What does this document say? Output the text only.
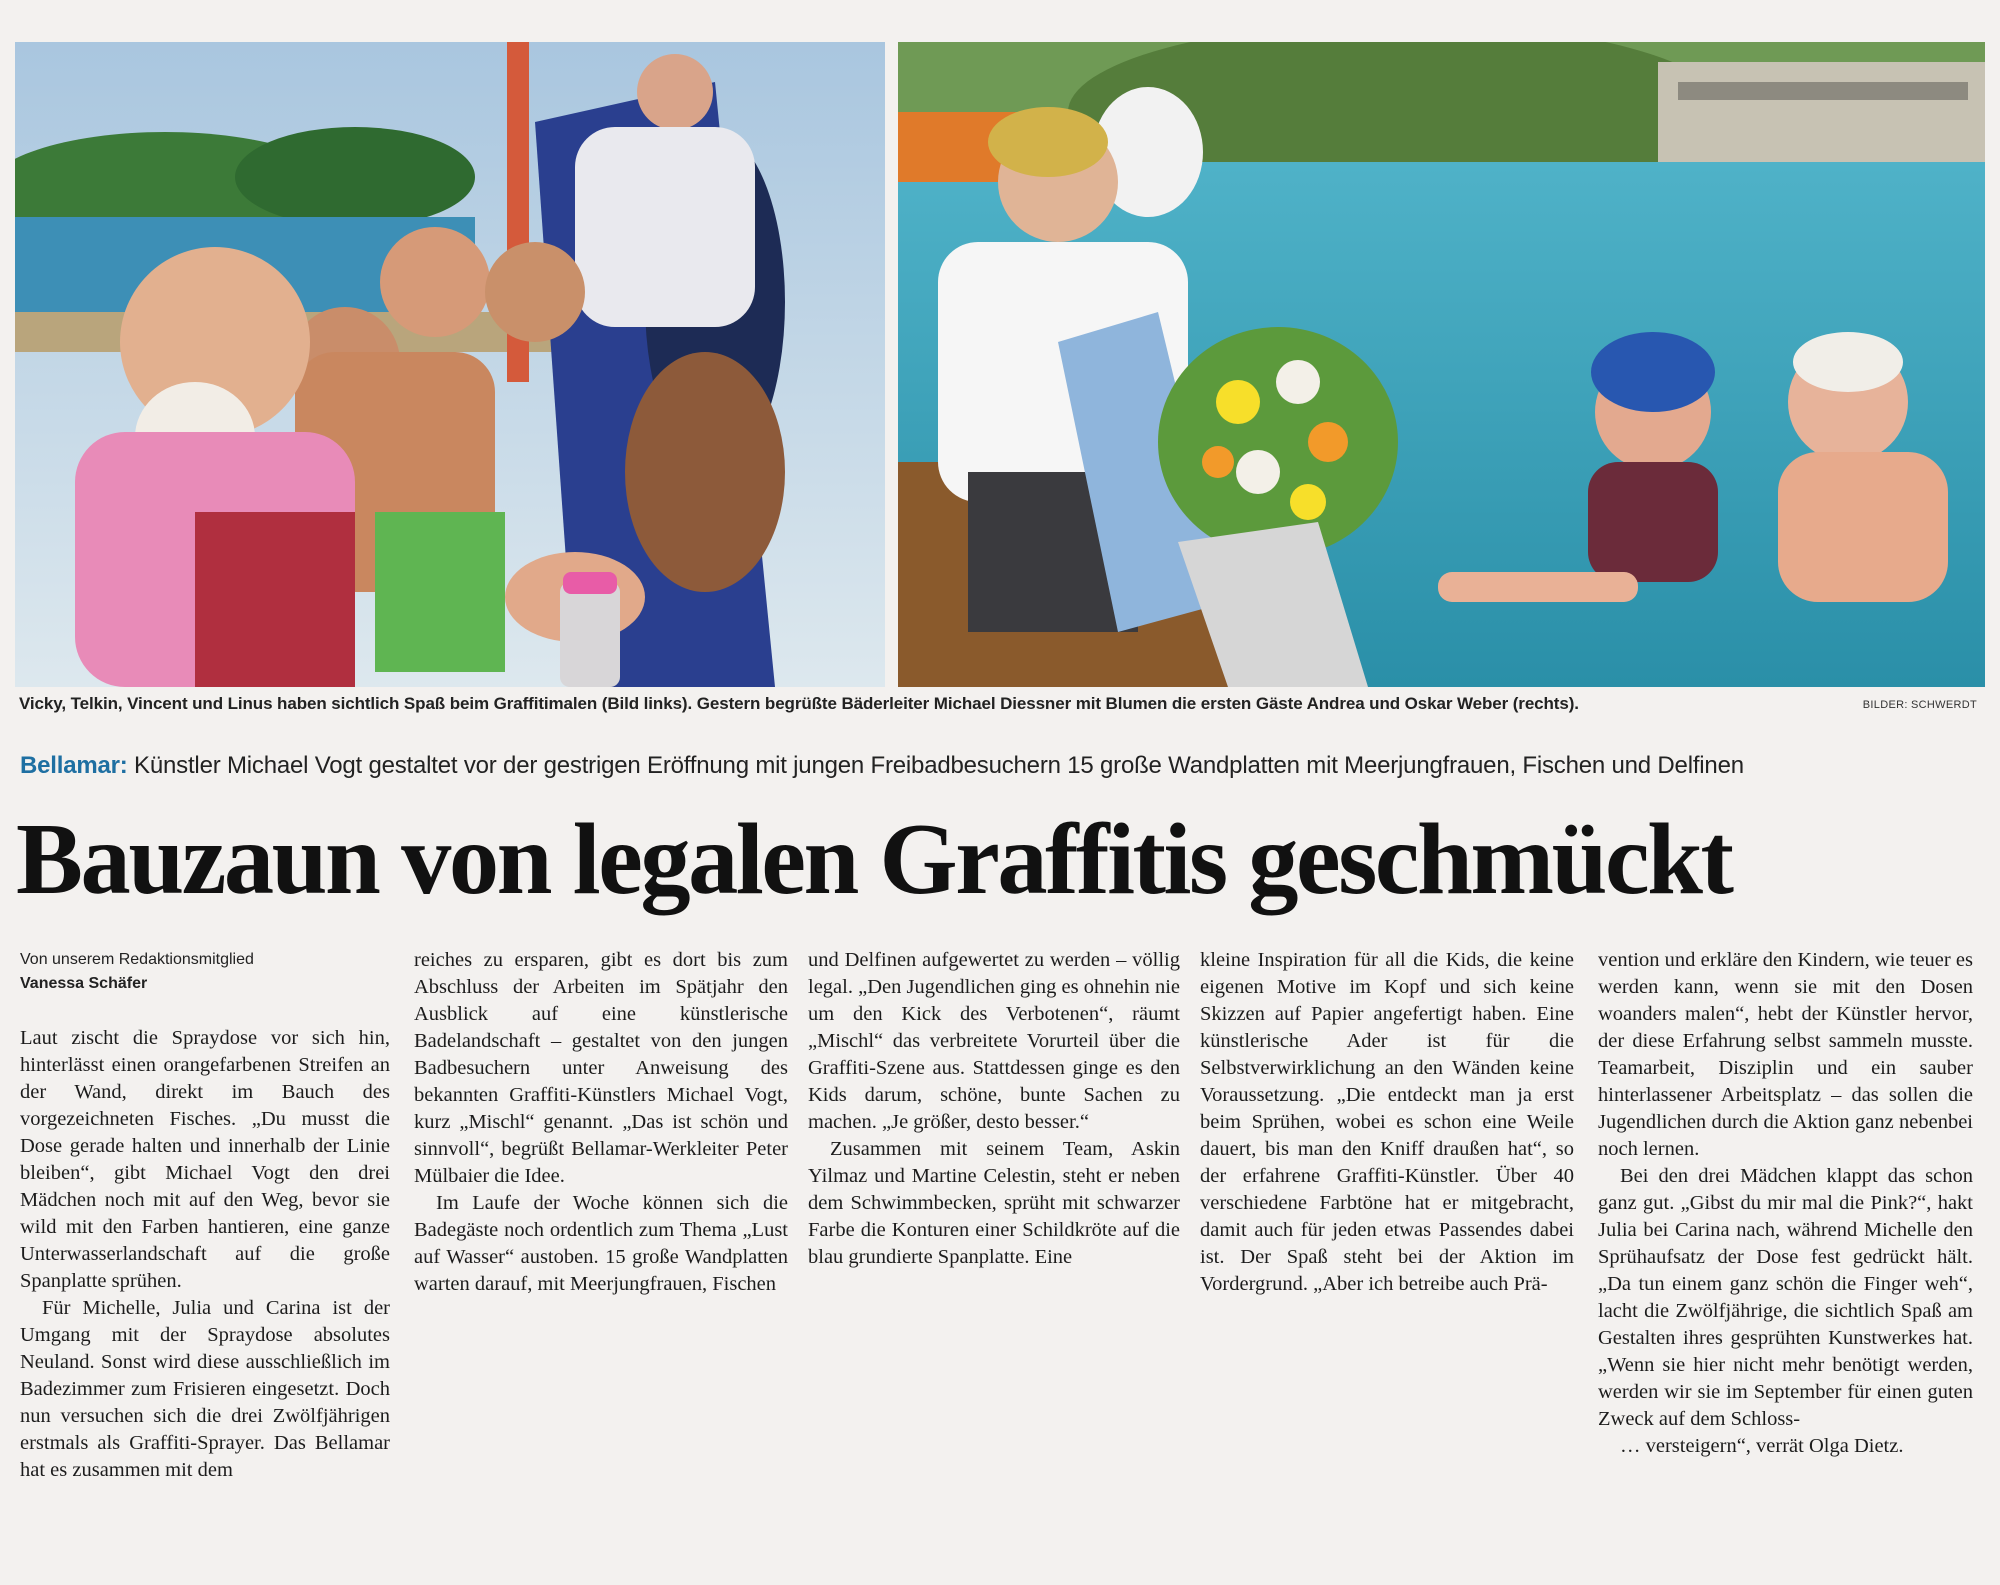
Vicky, Telkin, Vincent und Linus haben sichtlich Spaß beim Graffitimalen (Bild links). Gestern begrüßte Bäderleiter Michael Diessner mit Blumen die ersten Gäste Andrea und Oskar Weber (rechts).	BILDER: SCHWERDT
Bellamar: Künstler Michael Vogt gestaltet vor der gestrigen Eröffnung mit jungen Freibadbesuchern 15 große Wandplatten mit Meerjungfrauen, Fischen und Delfinen
Bauzaun von legalen Graffitis geschmückt
Von unserem Redaktionsmitglied
Vanessa Schäfer

Laut zischt die Spraydose vor sich hin, hinterlässt einen orangefarbenen Streifen an der Wand, direkt im Bauch des vorgezeichneten Fisches. „Du musst die Dose gerade halten und innerhalb der Linie bleiben“, gibt Michael Vogt den drei Mädchen noch mit auf den Weg, bevor sie wild mit den Farben hantieren, eine ganze Unterwasserlandschaft auf die große Spanplatte sprühen.

Für Michelle, Julia und Carina ist der Umgang mit der Spraydose absolutes Neuland. Sonst wird diese ausschließlich im Badezimmer zum Frisieren eingesetzt. Doch nun versuchen sich die drei Zwölfjährigen erstmals als Graffiti-Sprayer. Das Bellamar hat es zusammen mit dem

reiches zu ersparen, gibt es dort bis zum Abschluss der Arbeiten im Spätjahr den Ausblick auf eine künstlerische Badelandschaft – gestaltet von den jungen Badbesuchern unter Anweisung des bekannten Graffiti-Künstlers Michael Vogt, kurz „Mischl“ genannt. „Das ist schön und sinnvoll“, begrüßt Bellamar-Werkleiter Peter Mülbaier die Idee.

Im Laufe der Woche können sich die Badegäste noch ordentlich zum Thema „Lust auf Wasser“ austoben. 15 große Wandplatten warten darauf, mit Meerjungfrauen, Fischen

und Delfinen aufgewertet zu werden – völlig legal. „Den Jugendlichen ging es ohnehin nie um den Kick des Verbotenen“, räumt „Mischl“ das verbreitete Vorurteil über die Graffiti-Szene aus. Stattdessen ginge es den Kids darum, schöne, bunte Sachen zu machen. „Je größer, desto besser.“

Zusammen mit seinem Team, Askin Yilmaz und Martine Celestin, steht er neben dem Schwimmbecken, sprüht mit schwarzer Farbe die Konturen einer Schildkröte auf die blau grundierte Spanplatte. Eine

kleine Inspiration für all die Kids, die keine eigenen Motive im Kopf und sich keine Skizzen auf Papier angefertigt haben. Eine künstlerische Ader ist für die Selbstverwirklichung an den Wänden keine Voraussetzung. „Die entdeckt man ja erst beim Sprühen, wobei es schon eine Weile dauert, bis man den Kniff draußen hat“, so der erfahrene Graffiti-Künstler. Über 40 verschiedene Farbtöne hat er mitgebracht, damit auch für jeden etwas Passendes dabei ist. Der Spaß steht bei der Aktion im Vordergrund. „Aber ich betreibe auch Prä-

vention und erkläre den Kindern, wie teuer es werden kann, wenn sie mit den Dosen woanders malen“, hebt der Künstler hervor, der diese Erfahrung selbst sammeln musste. Teamarbeit, Disziplin und ein sauber hinterlassener Arbeitsplatz – das sollen die Jugendlichen durch die Aktion ganz nebenbei noch lernen.

Bei den drei Mädchen klappt das schon ganz gut. „Gibst du mir mal die Pink?“, hakt Julia bei Carina nach, während Michelle den Sprühaufsatz der Dose fest gedrückt hält. „Da tun einem ganz schön die Finger weh“, lacht die Zwölfjährige, die sichtlich Spaß am Gestalten ihres gesprühten Kunstwerkes hat. „Wenn sie hier nicht mehr benötigt werden, werden wir sie im September für einen guten Zweck auf dem Schloss-

… versteigern“, verrät Olga Dietz.
